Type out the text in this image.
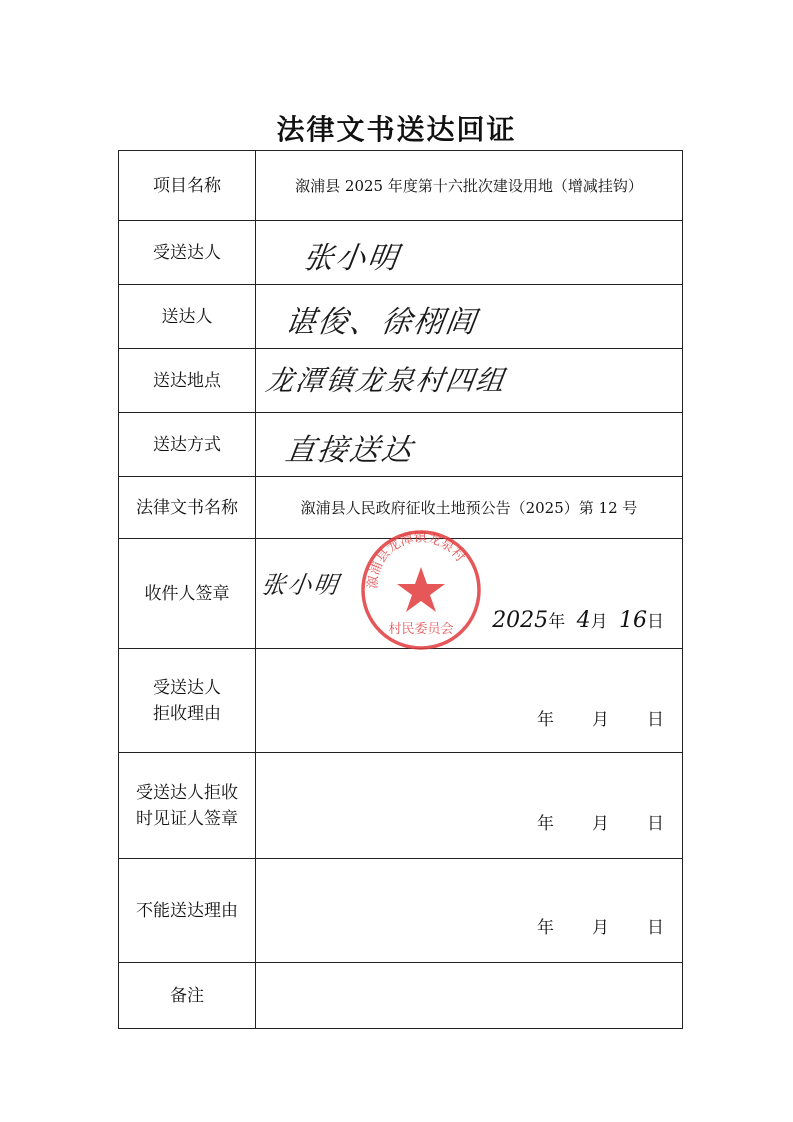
法律文书送达回证
项目名称	溆浦县 2025 年度第十六批次建设用地（增减挂钩）
受送达人	张小明

送达人	谌俊、徐栩闾

送达地点	龙潭镇龙泉村四组

送达方式	直接送达

法律文书名称	溆浦县人民政府征收土地预公告（2025）第 12 号
收件人签章	张小明 溆浦县龙潭镇龙泉村
村民委员会 2025年 4月 16日

受送达人
拒收理由	年 月 日

受送达人拒收
时见证人签章	年 月 日

不能送达理由	年 月 日

备注	
